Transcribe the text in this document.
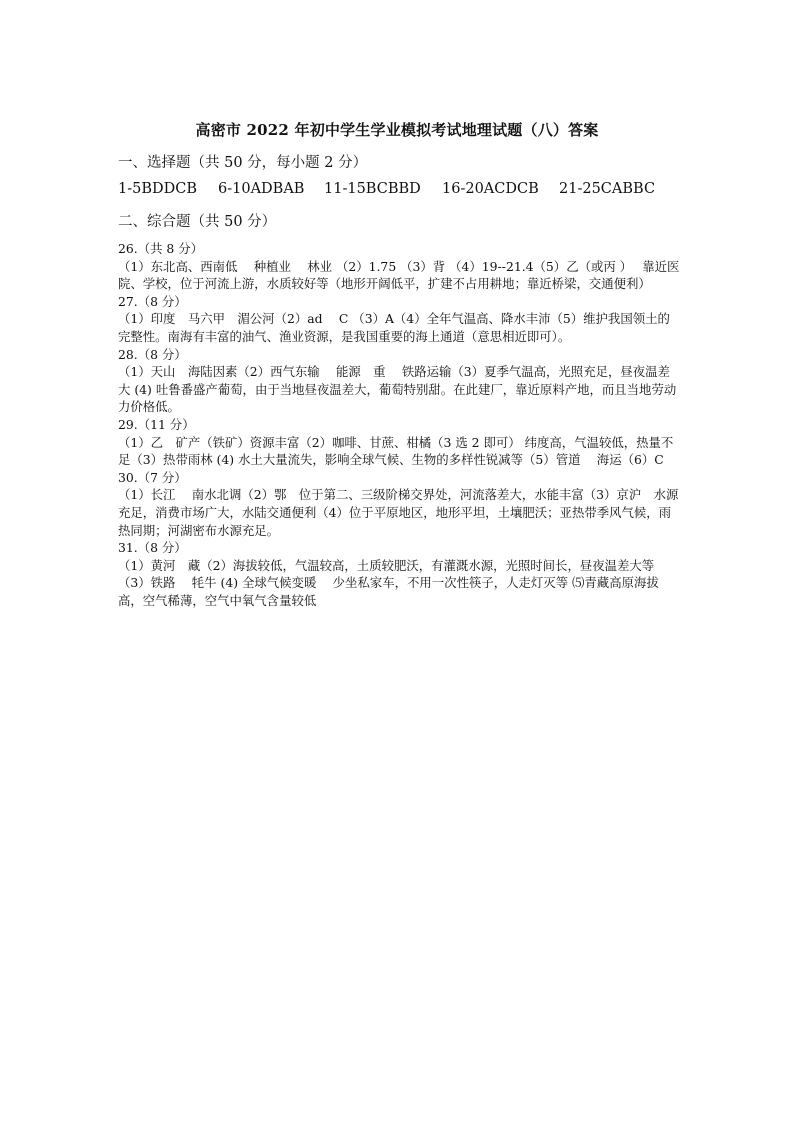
高密市 2022 年初中学生学业模拟考试地理试题（八）答案
一、选择题（共 50 分，每小题 2 分）
1-5BDDCB 6-10ADBAB 11-15BCBBD 16-20ACDCB 21-25CABBC
二、综合题（共 50 分）
26.（共 8 分）
（1）东北高、西南低　 种植业　 林业 （2）1.75 （3）背 （4）19--21.4（5）乙（或丙 ）　 靠近医院、学校，位于河流上游，水质较好等（地形开阔低平，扩建不占用耕地；靠近桥梁，交通便利）
27.（8 分）
（1）印度　马六甲　湄公河（2）ad　 C （3）A（4）全年气温高、降水丰沛（5）维护我国领土的完整性。南海有丰富的油气、渔业资源，是我国重要的海上通道（意思相近即可）。
28.（8 分）
（1）天山　海陆因素（2）西气东输　 能源　重　 铁路运输（3）夏季气温高，光照充足，昼夜温差大 (4) 吐鲁番盛产葡萄，由于当地昼夜温差大，葡萄特别甜。在此建厂，靠近原料产地，而且当地劳动力价格低。
29.（11 分）
（1）乙　矿产（铁矿）资源丰富（2）咖啡、甘蔗、柑橘（3 选 2 即可） 纬度高，气温较低，热量不足（3）热带雨林 (4) 水土大量流失，影响全球气候、生物的多样性锐减等（5）管道　 海运（6）C
30.（7 分）
（1）长江　 南水北调（2）鄂　位于第二、三级阶梯交界处，河流落差大，水能丰富（3）京沪　水源充足，消费市场广大，水陆交通便利（4）位于平原地区，地形平坦，土壤肥沃；亚热带季风气候，雨热同期；河湖密布水源充足。
31.（8 分）
（1）黄河　藏（2）海拔较低，气温较高，土质较肥沃，有灌溉水源，光照时间长，昼夜温差大等（3）铁路　 牦牛 (4) 全球气候变暖　 少坐私家车，不用一次性筷子，人走灯灭等 ⑸青藏高原海拔高，空气稀薄，空气中氧气含量较低
